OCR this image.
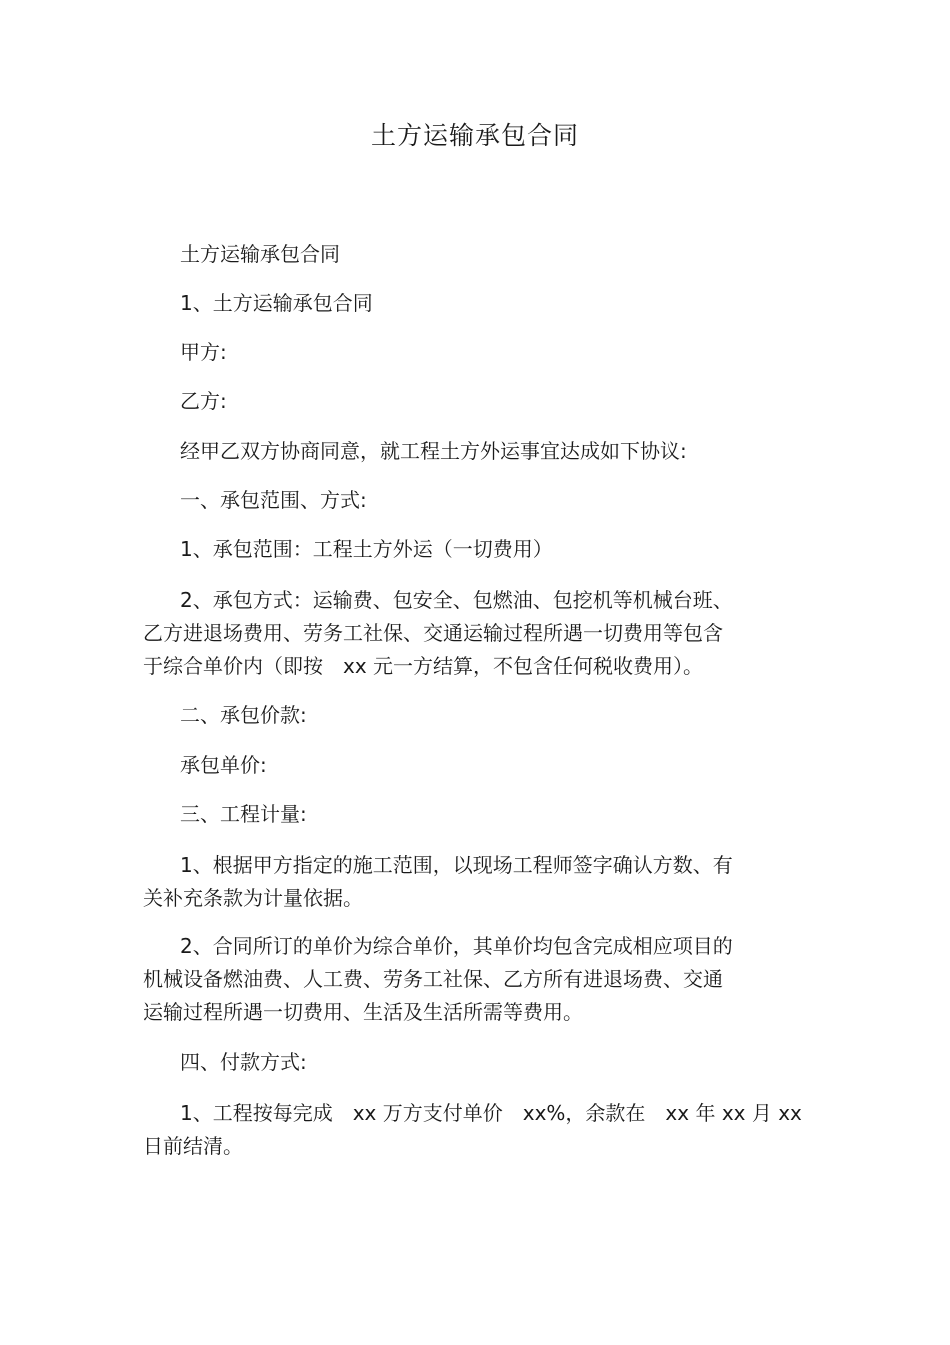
土方运输承包合同
土方运输承包合同
1、土方运输承包合同
甲方:
乙方:
经甲乙双方协商同意，就工程土方外运事宜达成如下协议:
一、承包范围、方式:
1、承包范围：工程土方外运（一切费用）
2、承包方式：运输费、包安全、包燃油、包挖机等机械台班、
乙方进退场费用、劳务工社保、交通运输过程所遇一切费用等包含
于综合单价内（即按　xx 元一方结算，不包含任何税收费用）。
二、承包价款:
承包单价:
三、工程计量:
1、根据甲方指定的施工范围，以现场工程师签字确认方数、有
关补充条款为计量依据。
2、合同所订的单价为综合单价，其单价均包含完成相应项目的
机械设备燃油费、人工费、劳务工社保、乙方所有进退场费、交通
运输过程所遇一切费用、生活及生活所需等费用。
四、付款方式:
1、工程按每完成　xx 万方支付单价　xx%，余款在　xx 年 xx 月 xx
日前结清。
